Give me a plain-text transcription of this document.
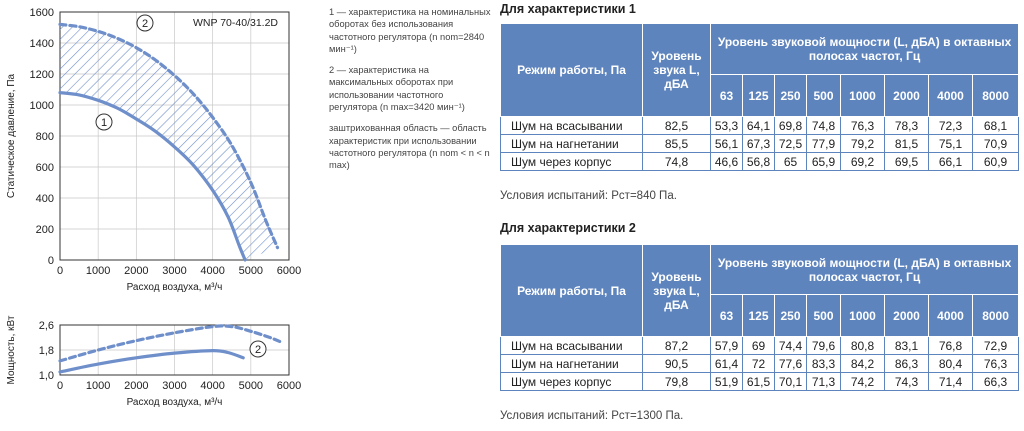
0 1000 2000 3000 4000 5000 6000
0
200
400
600
800
1000
1200
1400
1600
Расход воздуха, м³/ч
Статическое давление, Па
WNP 70-40/31.2D
2
1
0 1000 2000 3000 4000 5000 6000
1,0
1,8
2,6
Расход воздуха, м³/ч
Мощность, кВт	2

1 — характеристика на номинальных оборотах без использования частотного регулятора (n nom=2840 мин⁻¹)

2 — характеристика на максимальных оборотах при использовании частотного регулятора (n max=3420 мин⁻¹)

заштрихованная область — область характеристик при использовании частотного регулятора (n nom < n < n max)

Для характеристики 1
Режим работы, Па	Уровень звука L, дБА	Уровень звуковой мощности (L, дБА) в октавных полосах частот, Гц							
		63	125	250	500	1000	2000	4000	8000
Шум на всасывании	82,5	53,3	64,1	69,8	74,8	76,3	78,3	72,3	68,1
Шум на нагнетании	85,5	56,1	67,3	72,5	77,9	79,2	81,5	75,1	70,9
Шум через корпус	74,8	46,6	56,8	65	65,9	69,2	69,5	66,1	60,9
Условия испытаний: Рст=840 Па.
Для характеристики 2
Режим работы, Па	Уровень звука L, дБА	Уровень звуковой мощности (L, дБА) в октавных полосах частот, Гц							
		63	125	250	500	1000	2000	4000	8000
Шум на всасывании	87,2	57,9	69	74,4	79,6	80,8	83,1	76,8	72,9
Шум на нагнетании	90,5	61,4	72	77,6	83,3	84,2	86,3	80,4	76,3
Шум через корпус	79,8	51,9	61,5	70,1	71,3	74,2	74,3	71,4	66,3
Условия испытаний: Рст=1300 Па.
